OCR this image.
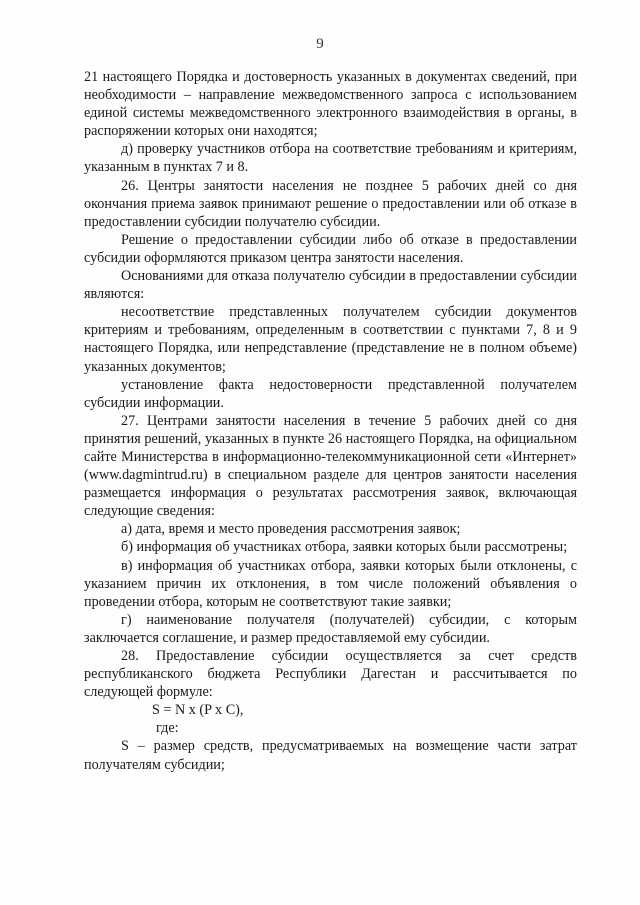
9

21 настоящего Порядка и достоверность указанных в документах сведений, при необходимости – направление межведомственного запроса с использованием единой системы межведомственного электронного взаимодействия в органы, в распоряжении которых они находятся;

д) проверку участников отбора на соответствие требованиям и критериям, указанным в пунктах 7 и 8.

26. Центры занятости населения не позднее 5 рабочих дней со дня окончания приема заявок принимают решение о предоставлении или об отказе в предоставлении субсидии получателю субсидии.

Решение о предоставлении субсидии либо об отказе в предоставлении субсидии оформляются приказом центра занятости населения.

Основаниями для отказа получателю субсидии в предоставлении субсидии являются:

несоответствие представленных получателем субсидии документов критериям и требованиям, определенным в соответствии с пунктами 7, 8 и 9 настоящего Порядка, или непредставление (представление не в полном объеме) указанных документов;

установление факта недостоверности представленной получателем субсидии информации.

27. Центрами занятости населения в течение 5 рабочих дней со дня принятия решений, указанных в пункте 26 настоящего Порядка, на официальном сайте Министерства в информационно-телекоммуникационной сети «Интернет» (www.dagmintrud.ru) в специальном разделе для центров занятости населения размещается информация о результатах рассмотрения заявок, включающая следующие сведения:

а) дата, время и место проведения рассмотрения заявок;

б) информация об участниках отбора, заявки которых были рассмотрены;

в) информация об участниках отбора, заявки которых были отклонены, с указанием причин их отклонения, в том числе положений объявления о проведении отбора, которым не соответствуют такие заявки;

г) наименование получателя (получателей) субсидии, с которым заключается соглашение, и размер предоставляемой ему субсидии.

28. Предоставление субсидии осуществляется за счет средств республиканского бюджета Республики Дагестан и рассчитывается по следующей формуле:

S = N x (P x C),

где:

S – размер средств, предусматриваемых на возмещение части затрат получателям субсидии;
